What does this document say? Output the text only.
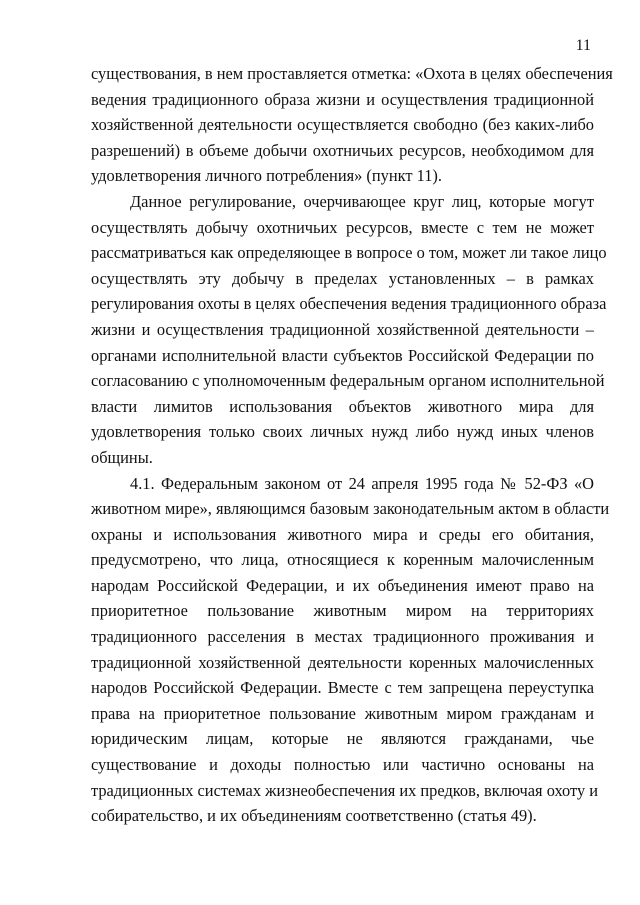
11
существования, в нем проставляется отметка: «Охота в целях обеспечения
ведения традиционного образа жизни и осуществления традиционной
хозяйственной деятельности осуществляется свободно (без каких-либо
разрешений) в объеме добычи охотничьих ресурсов, необходимом для
удовлетворения личного потребления» (пункт 11).
Данное регулирование, очерчивающее круг лиц, которые могут
осуществлять добычу охотничьих ресурсов, вместе с тем не может
рассматриваться как определяющее в вопросе о том, может ли такое лицо
осуществлять эту добычу в пределах установленных – в рамках
регулирования охоты в целях обеспечения ведения традиционного образа
жизни и осуществления традиционной хозяйственной деятельности –
органами исполнительной власти субъектов Российской Федерации по
согласованию с уполномоченным федеральным органом исполнительной
власти лимитов использования объектов животного мира для
удовлетворения только своих личных нужд либо нужд иных членов
общины.
4.1. Федеральным законом от 24 апреля 1995 года № 52-ФЗ «О
животном мире», являющимся базовым законодательным актом в области
охраны и использования животного мира и среды его обитания,
предусмотрено, что лица, относящиеся к коренным малочисленным
народам Российской Федерации, и их объединения имеют право на
приоритетное пользование животным миром на территориях
традиционного расселения в местах традиционного проживания и
традиционной хозяйственной деятельности коренных малочисленных
народов Российской Федерации. Вместе с тем запрещена переуступка
права на приоритетное пользование животным миром гражданам и
юридическим лицам, которые не являются гражданами, чье
существование и доходы полностью или частично основаны на
традиционных системах жизнеобеспечения их предков, включая охоту и
собирательство, и их объединениям соответственно (статья 49).
